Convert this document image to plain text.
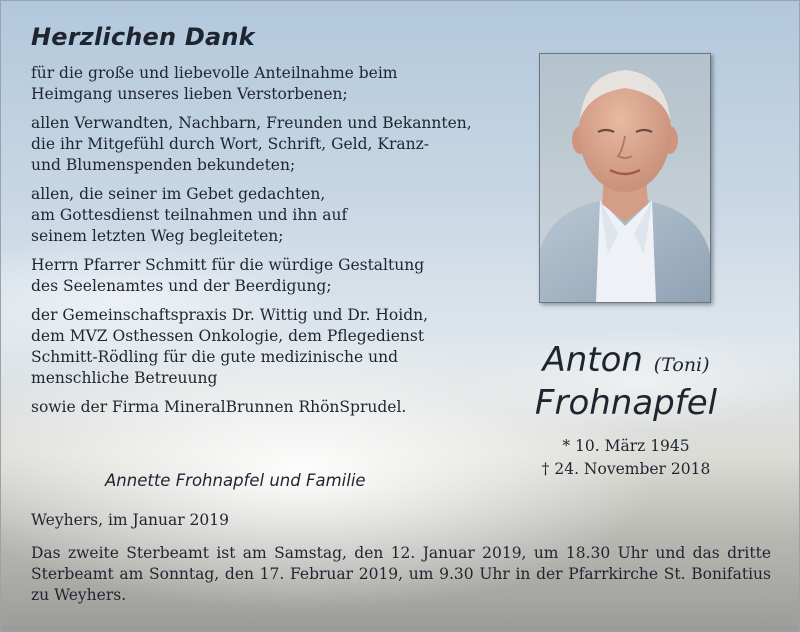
Herzlichen Dank

für die große und liebevolle Anteilnahme beim
Heimgang unseres lieben Verstorbenen;

allen Verwandten, Nachbarn, Freunden und Bekannten,
die ihr Mitgefühl durch Wort, Schrift, Geld, Kranz-
und Blumenspenden bekundeten;

allen, die seiner im Gebet gedachten,
am Gottesdienst teilnahmen und ihn auf
seinem letzten Weg begleiteten;

Herrn Pfarrer Schmitt für die würdige Gestaltung
des Seelenamtes und der Beerdigung;

der Gemeinschaftspraxis Dr. Wittig und Dr. Hoidn,
dem MVZ Osthessen Onkologie, dem Pflegedienst
Schmitt-Rödling für die gute medizinische und
menschliche Betreuung

sowie der Firma MineralBrunnen RhönSprudel.

Annette Frohnapfel und Familie
Weyhers, im Januar 2019
Das zweite Sterbeamt ist am Samstag, den 12. Januar 2019, um 18.30 Uhr und das dritte Sterbeamt am Sonntag, den 17. Februar 2019, um 9.30 Uhr in der Pfarrkirche St. Bonifatius zu Weyhers.
Anton (Toni)
Frohnapfel
* 10. März 1945
† 24. November 2018
